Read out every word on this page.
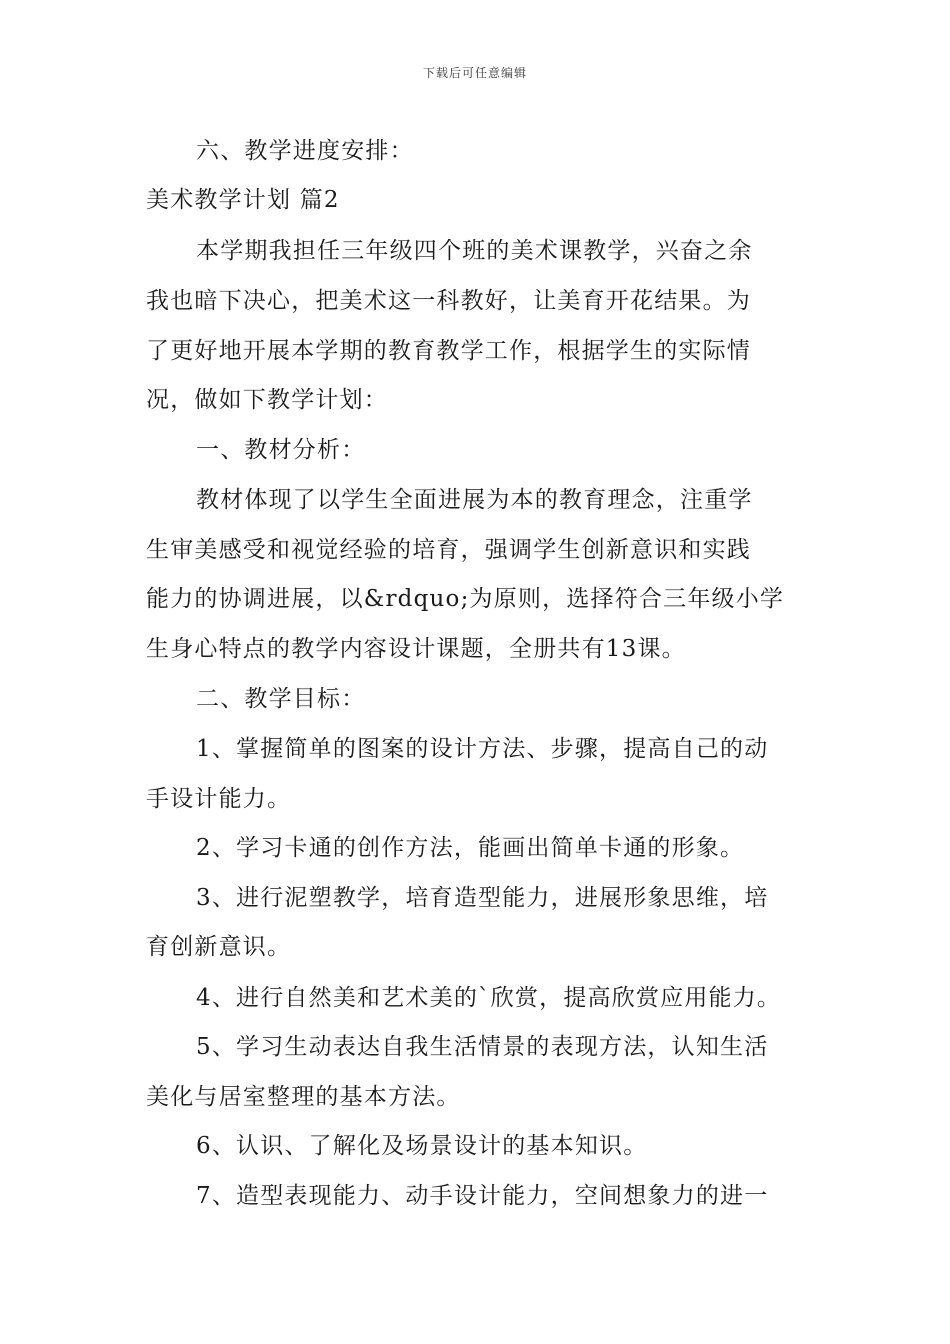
下载后可任意编辑
六、教学进度安排：
美术教学计划 篇2
本学期我担任三年级四个班的美术课教学，兴奋之余
我也暗下决心，把美术这一科教好，让美育开花结果。为
了更好地开展本学期的教育教学工作，根据学生的实际情
况，做如下教学计划：
一、教材分析：
教材体现了以学生全面进展为本的教育理念，注重学
生审美感受和视觉经验的培育，强调学生创新意识和实践
能力的协调进展，以&rdquo;为原则，选择符合三年级小学
生身心特点的教学内容设计课题，全册共有13课。
二、教学目标：
1、掌握简单的图案的设计方法、步骤，提高自己的动
手设计能力。
2、学习卡通的创作方法，能画出简单卡通的形象。
3、进行泥塑教学，培育造型能力，进展形象思维，培
育创新意识。
4、进行自然美和艺术美的`欣赏，提高欣赏应用能力。
5、学习生动表达自我生活情景的表现方法，认知生活
美化与居室整理的基本方法。
6、认识、了解化及场景设计的基本知识。
7、造型表现能力、动手设计能力，空间想象力的进一
